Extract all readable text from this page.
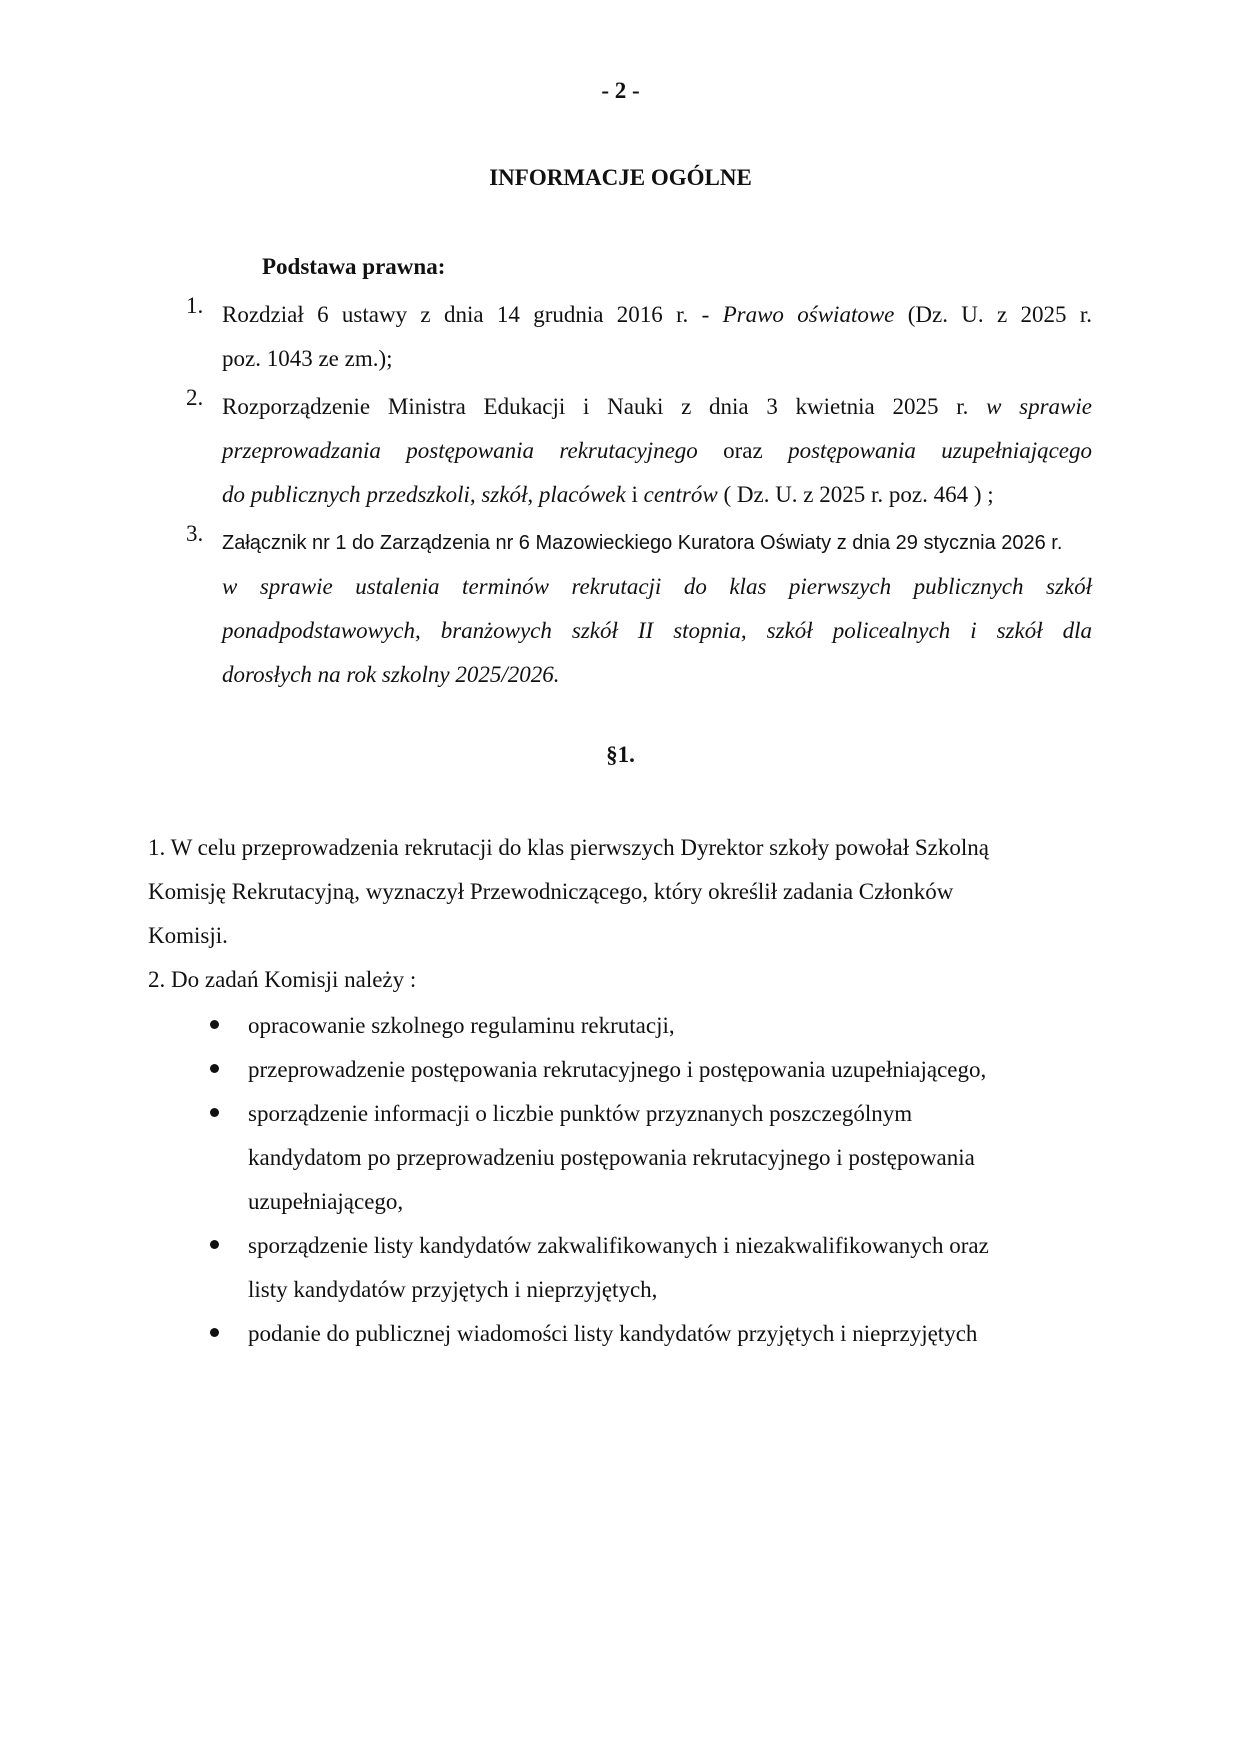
- 2 -
INFORMACJE OGÓLNE
Podstawa prawna:
1. Rozdział 6 ustawy z dnia 14 grudnia 2016 r. - Prawo oświatowe (Dz. U. z 2025 r.
poz. 1043 ze zm.);
2. Rozporządzenie Ministra Edukacji i Nauki z dnia 3 kwietnia 2025 r. w sprawie
przeprowadzania postępowania rekrutacyjnego oraz postępowania uzupełniającego
do publicznych przedszkoli, szkół, placówek i centrów ( Dz. U. z 2025 r. poz. 464 ) ;
3. Załącznik nr 1 do Zarządzenia nr 6 Mazowieckiego Kuratora Oświaty z dnia 29 stycznia 2026 r.
w sprawie ustalenia terminów rekrutacji do klas pierwszych publicznych szkół
ponadpodstawowych, branżowych szkół II stopnia, szkół policealnych i szkół dla
dorosłych na rok szkolny 2025/2026.
§1.
1. W celu przeprowadzenia rekrutacji do klas pierwszych Dyrektor szkoły powołał Szkolną
Komisję Rekrutacyjną, wyznaczył Przewodniczącego, który określił zadania Członków
Komisji.
2. Do zadań Komisji należy :
opracowanie szkolnego regulaminu rekrutacji,
przeprowadzenie postępowania rekrutacyjnego i postępowania uzupełniającego,
sporządzenie informacji o liczbie punktów przyznanych poszczególnym
kandydatom po przeprowadzeniu postępowania rekrutacyjnego i postępowania
uzupełniającego,
sporządzenie listy kandydatów zakwalifikowanych i niezakwalifikowanych oraz
listy kandydatów przyjętych i nieprzyjętych,
podanie do publicznej wiadomości listy kandydatów przyjętych i nieprzyjętych
